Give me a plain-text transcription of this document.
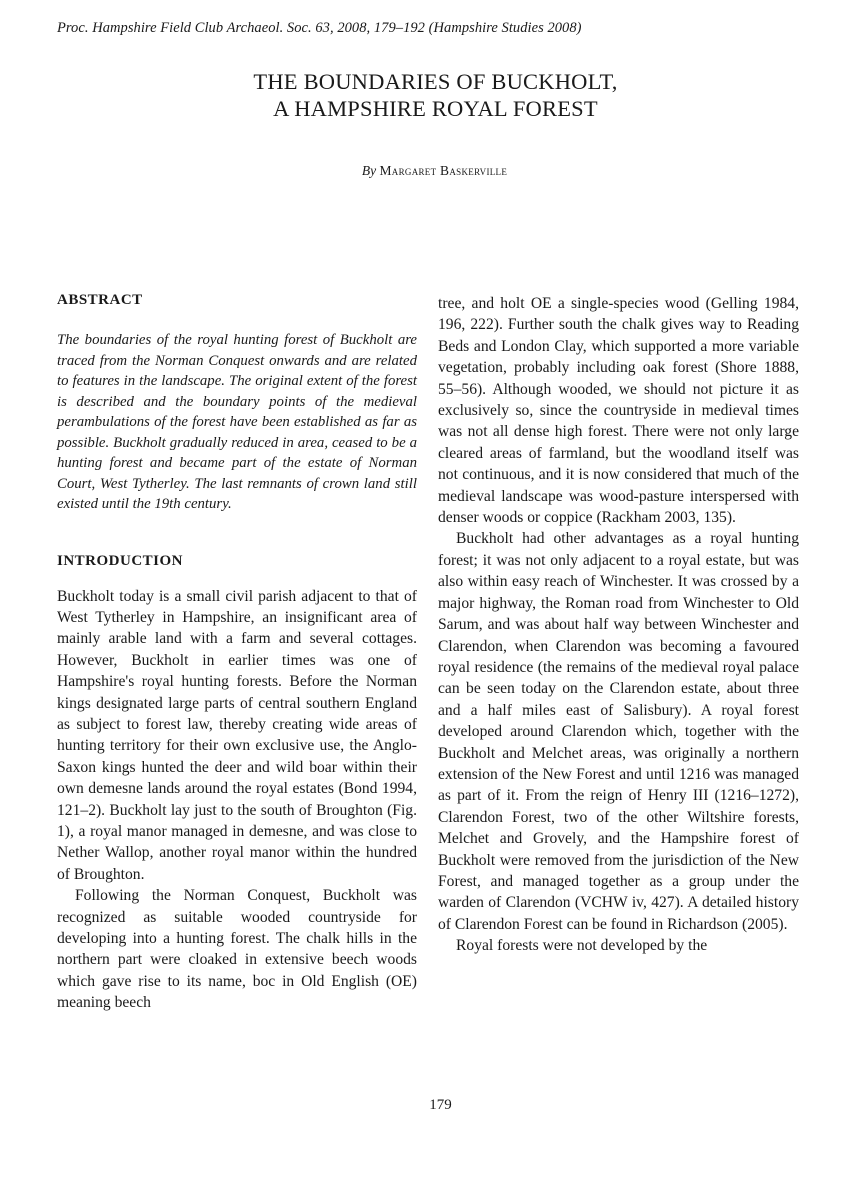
Proc. Hampshire Field Club Archaeol. Soc. 63, 2008, 179–192 (Hampshire Studies 2008)
THE BOUNDARIES OF BUCKHOLT,
A HAMPSHIRE ROYAL FOREST
By Margaret Baskerville
ABSTRACT

The boundaries of the royal hunting forest of Buckholt are traced from the Norman Conquest onwards and are related to features in the landscape. The original extent of the forest is described and the boundary points of the medieval perambulations of the forest have been established as far as possible. Buckholt gradually reduced in area, ceased to be a hunting forest and became part of the estate of Norman Court, West Tytherley. The last remnants of crown land still existed until the 19th century.

INTRODUCTION

Buckholt today is a small civil parish adjacent to that of West Tytherley in Hampshire, an insignificant area of mainly arable land with a farm and several cottages. However, Buckholt in earlier times was one of Hampshire's royal hunting forests. Before the Norman kings designated large parts of central southern England as subject to forest law, thereby creating wide areas of hunting territory for their own exclusive use, the Anglo-Saxon kings hunted the deer and wild boar within their own demesne lands around the royal estates (Bond 1994, 121–2). Buckholt lay just to the south of Broughton (Fig. 1), a royal manor managed in demesne, and was close to Nether Wallop, another royal manor within the hundred of Broughton.

Following the Norman Conquest, Buckholt was recognized as suitable wooded countryside for developing into a hunting forest. The chalk hills in the northern part were cloaked in extensive beech woods which gave rise to its name, boc in Old English (OE) meaning beech

tree, and holt OE a single-species wood (Gelling 1984, 196, 222). Further south the chalk gives way to Reading Beds and London Clay, which supported a more variable vegetation, probably including oak forest (Shore 1888, 55–56). Although wooded, we should not picture it as exclusively so, since the countryside in medieval times was not all dense high forest. There were not only large cleared areas of farmland, but the woodland itself was not continuous, and it is now considered that much of the medieval landscape was wood-pasture interspersed with denser woods or coppice (Rackham 2003, 135).

Buckholt had other advantages as a royal hunting forest; it was not only adjacent to a royal estate, but was also within easy reach of Winchester. It was crossed by a major highway, the Roman road from Winchester to Old Sarum, and was about half way between Winchester and Clarendon, when Clarendon was becoming a favoured royal residence (the remains of the medieval royal palace can be seen today on the Clarendon estate, about three and a half miles east of Salisbury). A royal forest developed around Clarendon which, together with the Buckholt and Melchet areas, was originally a northern extension of the New Forest and until 1216 was managed as part of it. From the reign of Henry III (1216–1272), Clarendon Forest, two of the other Wiltshire forests, Melchet and Grovely, and the Hampshire forest of Buckholt were removed from the jurisdiction of the New Forest, and managed together as a group under the warden of Clarendon (VCHW iv, 427). A detailed history of Clarendon Forest can be found in Richardson (2005).

Royal forests were not developed by the

179
